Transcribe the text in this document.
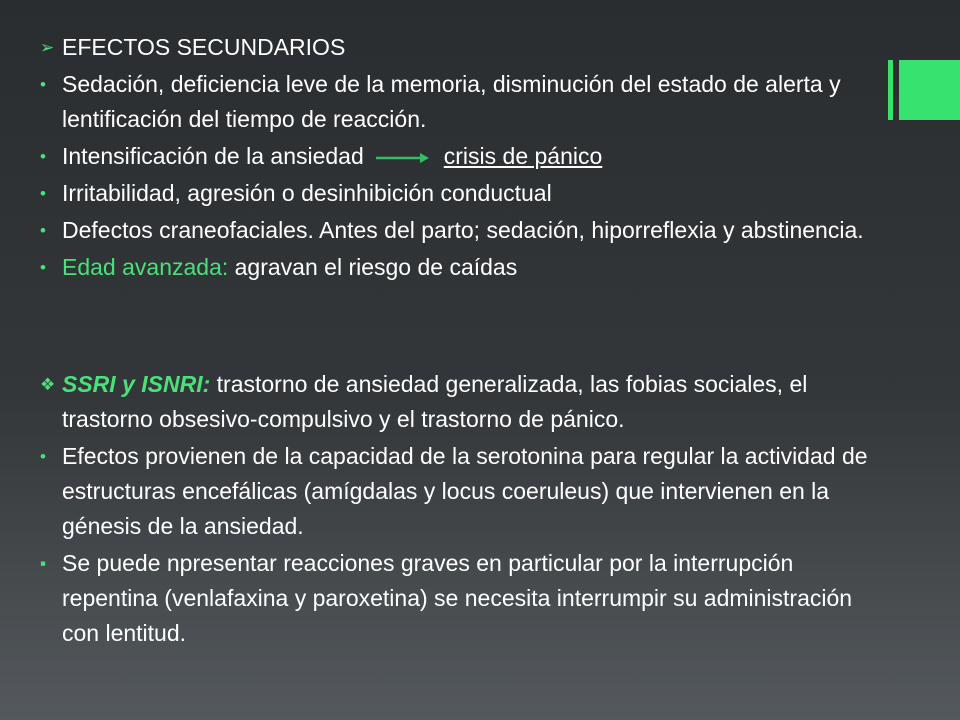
➢ EFECTOS SECUNDARIOS
• Sedación, deficiencia leve de la memoria, disminución del estado de alerta y lentificación del tiempo de reacción.
• Intensificación de la ansiedad	crisis de pánico
• Irritabilidad, agresión o desinhibición conductual
• Defectos craneofaciales. Antes del parto; sedación, hiporreflexia y abstinencia.
• Edad avanzada: agravan el riesgo de caídas
❖ SSRI y ISNRI: trastorno de ansiedad generalizada, las fobias sociales, el trastorno obsesivo-compulsivo y el trastorno de pánico.
• Efectos provienen de la capacidad de la serotonina para regular la actividad de estructuras encefálicas (amígdalas y locus coeruleus) que intervienen en la génesis de la ansiedad.
▪ Se puede npresentar reacciones graves en particular por la interrupción repentina (venlafaxina y paroxetina) se necesita interrumpir su administración con lentitud.
